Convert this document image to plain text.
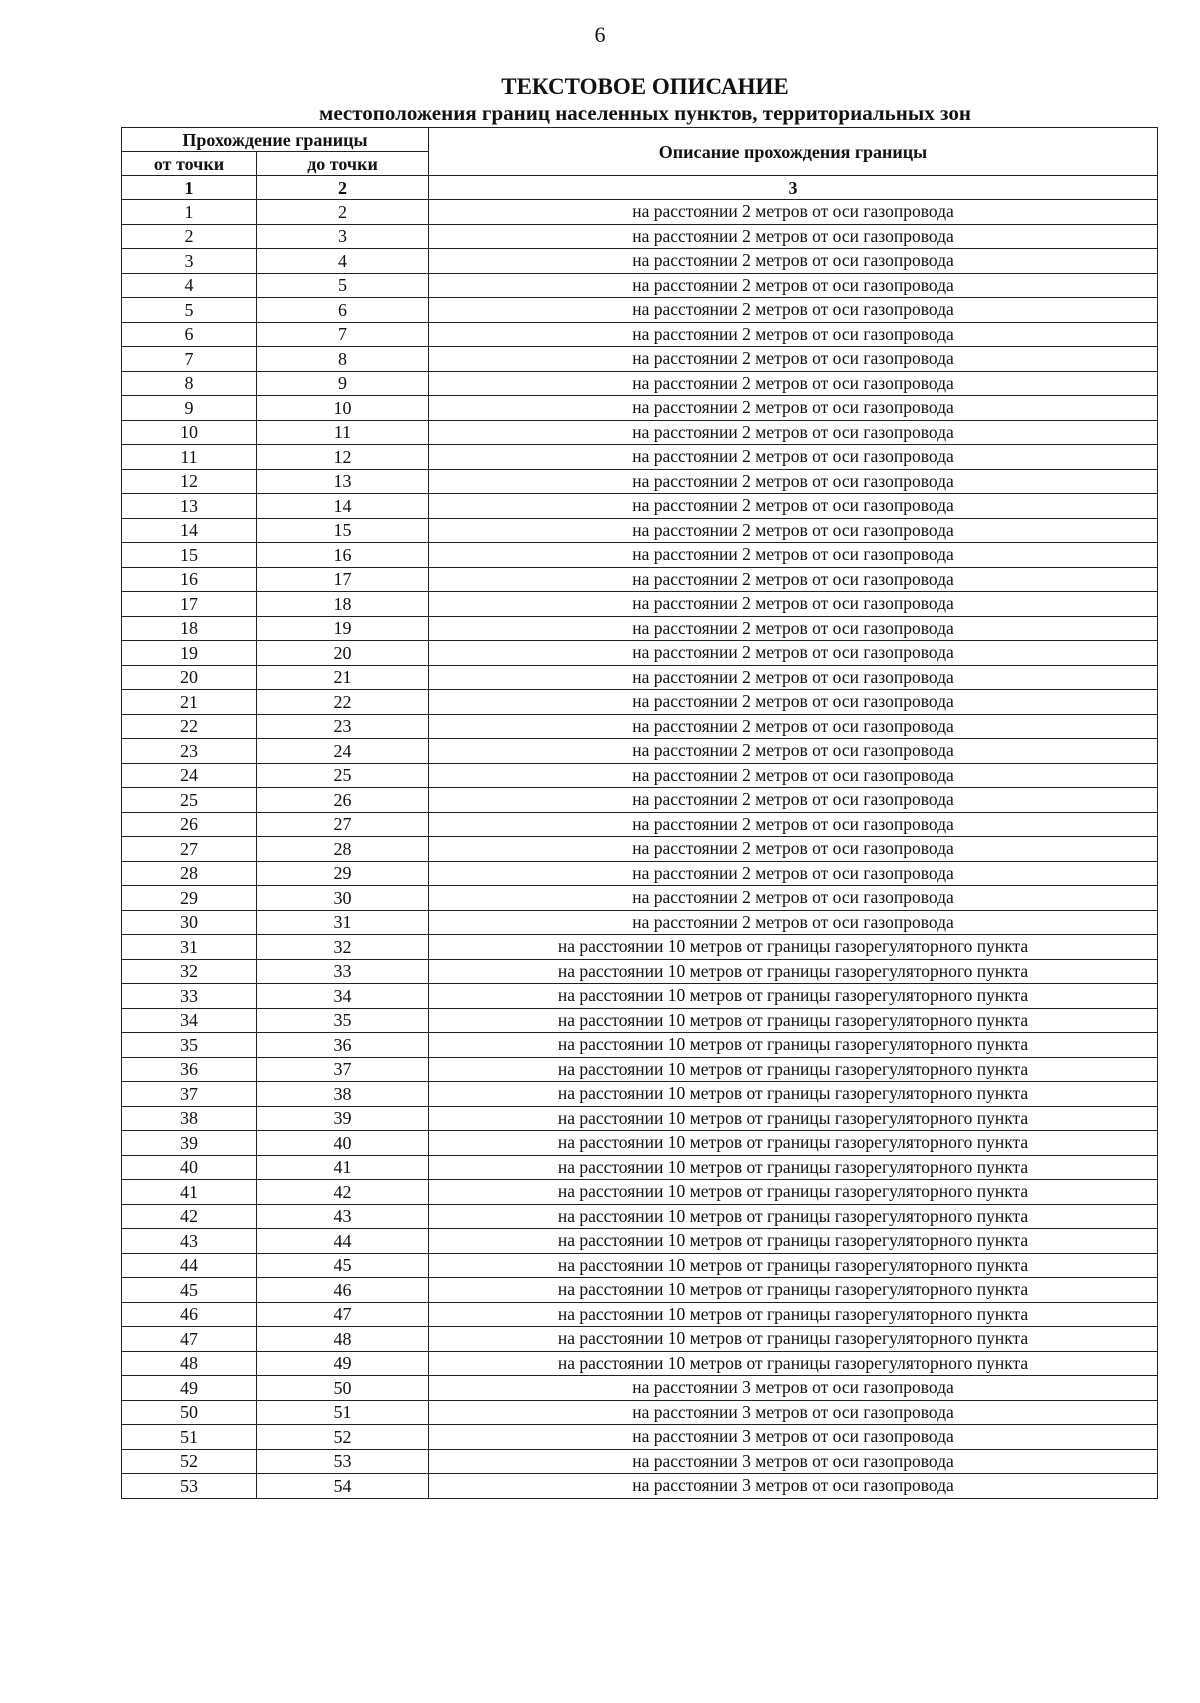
6
ТЕКСТОВОЕ ОПИСАНИЕ
местоположения границ населенных пунктов, территориальных зон
Прохождение границы		Описание прохождения границы
от точки	до точки	
1	2	3
1	2	на расстоянии 2 метров от оси газопровода
2	3	на расстоянии 2 метров от оси газопровода
3	4	на расстоянии 2 метров от оси газопровода
4	5	на расстоянии 2 метров от оси газопровода
5	6	на расстоянии 2 метров от оси газопровода
6	7	на расстоянии 2 метров от оси газопровода
7	8	на расстоянии 2 метров от оси газопровода
8	9	на расстоянии 2 метров от оси газопровода
9	10	на расстоянии 2 метров от оси газопровода
10	11	на расстоянии 2 метров от оси газопровода
11	12	на расстоянии 2 метров от оси газопровода
12	13	на расстоянии 2 метров от оси газопровода
13	14	на расстоянии 2 метров от оси газопровода
14	15	на расстоянии 2 метров от оси газопровода
15	16	на расстоянии 2 метров от оси газопровода
16	17	на расстоянии 2 метров от оси газопровода
17	18	на расстоянии 2 метров от оси газопровода
18	19	на расстоянии 2 метров от оси газопровода
19	20	на расстоянии 2 метров от оси газопровода
20	21	на расстоянии 2 метров от оси газопровода
21	22	на расстоянии 2 метров от оси газопровода
22	23	на расстоянии 2 метров от оси газопровода
23	24	на расстоянии 2 метров от оси газопровода
24	25	на расстоянии 2 метров от оси газопровода
25	26	на расстоянии 2 метров от оси газопровода
26	27	на расстоянии 2 метров от оси газопровода
27	28	на расстоянии 2 метров от оси газопровода
28	29	на расстоянии 2 метров от оси газопровода
29	30	на расстоянии 2 метров от оси газопровода
30	31	на расстоянии 2 метров от оси газопровода
31	32	на расстоянии 10 метров от границы газорегуляторного пункта
32	33	на расстоянии 10 метров от границы газорегуляторного пункта
33	34	на расстоянии 10 метров от границы газорегуляторного пункта
34	35	на расстоянии 10 метров от границы газорегуляторного пункта
35	36	на расстоянии 10 метров от границы газорегуляторного пункта
36	37	на расстоянии 10 метров от границы газорегуляторного пункта
37	38	на расстоянии 10 метров от границы газорегуляторного пункта
38	39	на расстоянии 10 метров от границы газорегуляторного пункта
39	40	на расстоянии 10 метров от границы газорегуляторного пункта
40	41	на расстоянии 10 метров от границы газорегуляторного пункта
41	42	на расстоянии 10 метров от границы газорегуляторного пункта
42	43	на расстоянии 10 метров от границы газорегуляторного пункта
43	44	на расстоянии 10 метров от границы газорегуляторного пункта
44	45	на расстоянии 10 метров от границы газорегуляторного пункта
45	46	на расстоянии 10 метров от границы газорегуляторного пункта
46	47	на расстоянии 10 метров от границы газорегуляторного пункта
47	48	на расстоянии 10 метров от границы газорегуляторного пункта
48	49	на расстоянии 10 метров от границы газорегуляторного пункта
49	50	на расстоянии 3 метров от оси газопровода
50	51	на расстоянии 3 метров от оси газопровода
51	52	на расстоянии 3 метров от оси газопровода
52	53	на расстоянии 3 метров от оси газопровода
53	54	на расстоянии 3 метров от оси газопровода
